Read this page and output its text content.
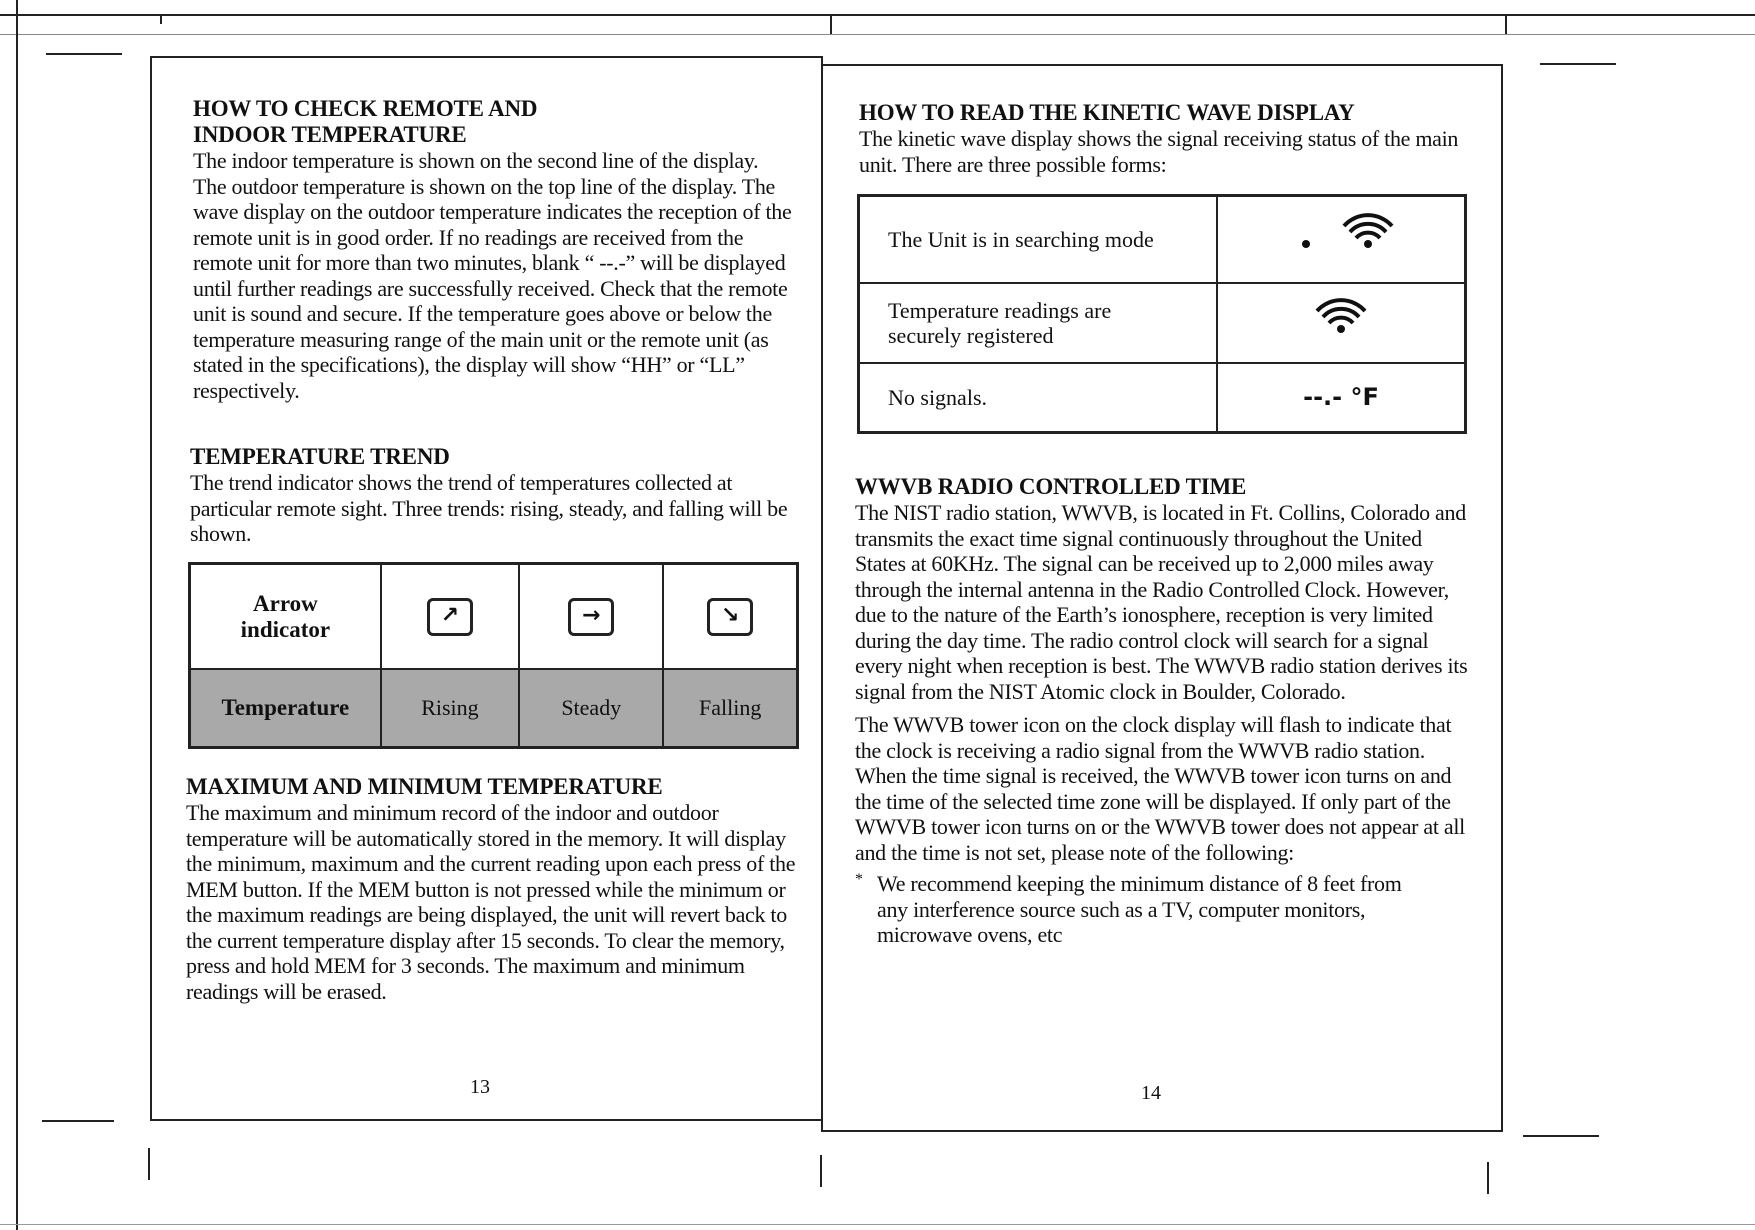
HOW TO CHECK REMOTE AND
INDOOR TEMPERATURE

The indoor temperature is shown on the second line of the display. The outdoor temperature is shown on the top line of the display. The wave display on the outdoor temperature indicates the reception of the remote unit is in good order. If no readings are received from the remote unit for more than two minutes, blank “ --.-” will be displayed until further readings are successfully received. Check that the remote unit is sound and secure. If the temperature goes above or below the temperature measuring range of the main unit or the remote unit (as stated in the specifications), the display will show “HH” or “LL” respectively.

TEMPERATURE TREND

The trend indicator shows the trend of temperatures collected at particular remote sight. Three trends: rising, steady, and falling will be shown.

Arrow
indicator	↗	→	↘
Temperature	Rising	Steady	Falling
MAXIMUM AND MINIMUM TEMPERATURE

The maximum and minimum record of the indoor and outdoor temperature will be automatically stored in the memory. It will display the minimum, maximum and the current reading upon each press of the MEM button. If the MEM button is not pressed while the minimum or the maximum readings are being displayed, the unit will revert back to the current temperature display after 15 seconds. To clear the memory, press and hold MEM for 3 seconds. The maximum and minimum readings will be erased.

13
HOW TO READ THE KINETIC WAVE DISPLAY

The kinetic wave display shows the signal receiving status of the main unit. There are three possible forms:

The Unit is in searching mode	
Temperature readings are
securely registered	
No signals.	--.- °F
WWVB RADIO CONTROLLED TIME

The NIST radio station, WWVB, is located in Ft. Collins, Colorado and transmits the exact time signal continuously throughout the United States at 60KHz. The signal can be received up to 2,000 miles away through the internal antenna in the Radio Controlled Clock. However, due to the nature of the Earth’s ionosphere, reception is very limited during the day time. The radio control clock will search for a signal every night when reception is best. The WWVB radio station derives its signal from the NIST Atomic clock in Boulder, Colorado.

The WWVB tower icon on the clock display will flash to indicate that the clock is receiving a radio signal from the WWVB radio station. When the time signal is received, the WWVB tower icon turns on and the time of the selected time zone will be displayed. If only part of the WWVB tower icon turns on or the WWVB tower does not appear at all and the time is not set, please note of the following:

* We recommend keeping the minimum distance of 8 feet from any interference source such as a TV, computer monitors, microwave ovens, etc

14
